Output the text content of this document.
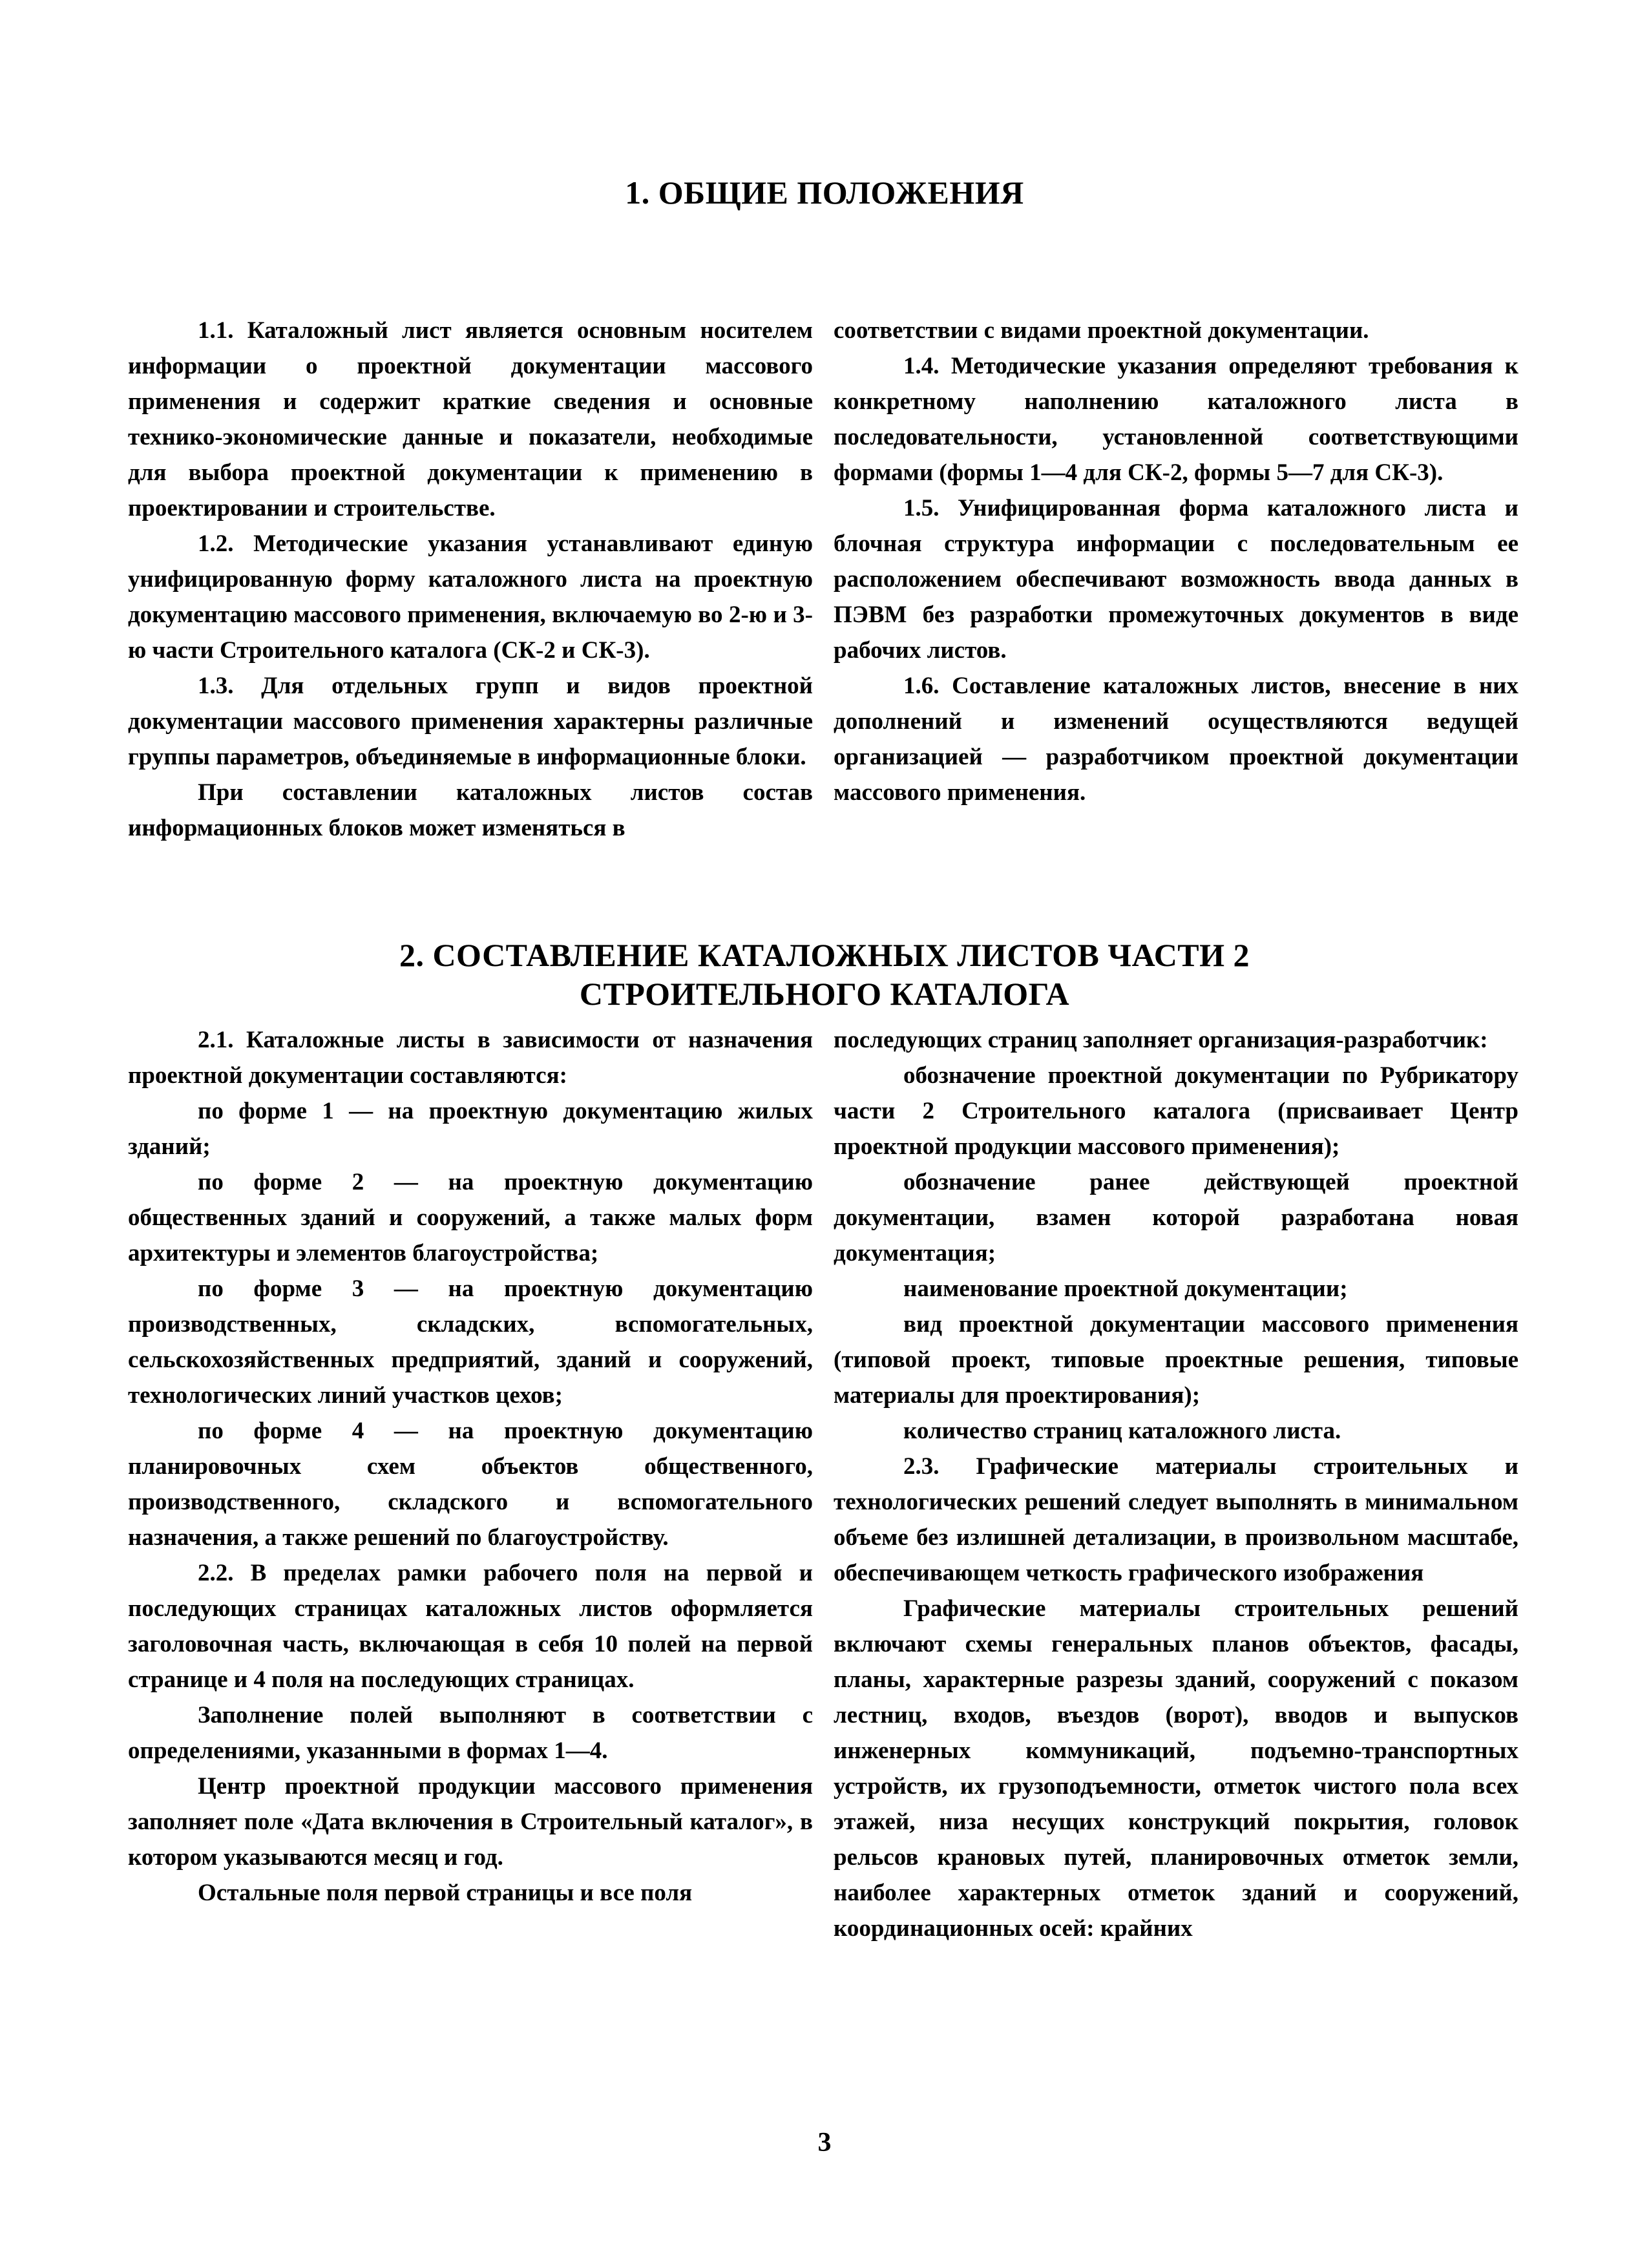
1. ОБЩИЕ ПОЛОЖЕНИЯ

1.1. Каталожный лист является основным носителем информации о проектной документации массового применения и содержит краткие сведения и основные технико-экономические данные и показатели, необходимые для выбора проектной документации к применению в проектировании и строительстве.

1.2. Методические указания устанавливают единую унифицированную форму каталожного листа на проектную документацию массового применения, включаемую во 2-ю и 3-ю части Строительного каталога (СК-2 и СК-3).

1.3. Для отдельных групп и видов проектной документации массового применения характерны различные группы параметров, объединяемые в информационные блоки.

При составлении каталожных листов состав информационных блоков может изменяться в

соответствии с видами проектной документации.

1.4. Методические указания определяют требования к конкретному наполнению каталожного листа в последовательности, установленной соответствующими формами (формы 1—4 для СК-2, формы 5—7 для СК-3).

1.5. Унифицированная форма каталожного листа и блочная структура информации с последовательным ее расположением обеспечивают возможность ввода данных в ПЭВМ без разработки промежуточных документов в виде рабочих листов.

1.6. Составление каталожных листов, внесение в них дополнений и изменений осуществляются ведущей организацией — разработчиком проектной документации массового применения.

2. СОСТАВЛЕНИЕ КАТАЛОЖНЫХ ЛИСТОВ ЧАСТИ 2
СТРОИТЕЛЬНОГО КАТАЛОГА

2.1. Каталожные листы в зависимости от назначения проектной документации составляются:

по форме 1 — на проектную документацию жилых зданий;

по форме 2 — на проектную документацию общественных зданий и сооружений, а также малых форм архитектуры и элементов благоустройства;

по форме 3 — на проектную документацию производственных, складских, вспомогательных, сельскохозяйственных предприятий, зданий и сооружений, технологических линий участков цехов;

по форме 4 — на проектную документацию планировочных схем объектов общественного, производственного, складского и вспомогательного назначения, а также решений по благоустройству.

2.2. В пределах рамки рабочего поля на первой и последующих страницах каталожных листов оформляется заголовочная часть, включающая в себя 10 полей на первой странице и 4 поля на последующих страницах.

Заполнение полей выполняют в соответствии с определениями, указанными в формах 1—4.

Центр проектной продукции массового применения заполняет поле «Дата включения в Строительный каталог», в котором указываются месяц и год.

Остальные поля первой страницы и все поля

последующих страниц заполняет организация-разработчик:

обозначение проектной документации по Рубрикатору части 2 Строительного каталога (присваивает Центр проектной продукции массового применения);

обозначение ранее действующей проектной документации, взамен которой разработана новая документация;

наименование проектной документации;

вид проектной документации массового применения (типовой проект, типовые проектные решения, типовые материалы для проектирования);

количество страниц каталожного листа.

2.3. Графические материалы строительных и технологических решений следует выполнять в минимальном объеме без излишней детализации, в произвольном масштабе, обеспечивающем четкость графического изображения

Графические материалы строительных решений включают схемы генеральных планов объектов, фасады, планы, характерные разрезы зданий, сооружений с показом лестниц, входов, въездов (ворот), вводов и выпусков инженерных коммуникаций, подъемно-транспортных устройств, их грузоподъемности, отметок чистого пола всех этажей, низа несущих конструкций покрытия, головок рельсов крановых путей, планировочных отметок земли, наиболее характерных отметок зданий и сооружений, координационных осей: крайних

3
